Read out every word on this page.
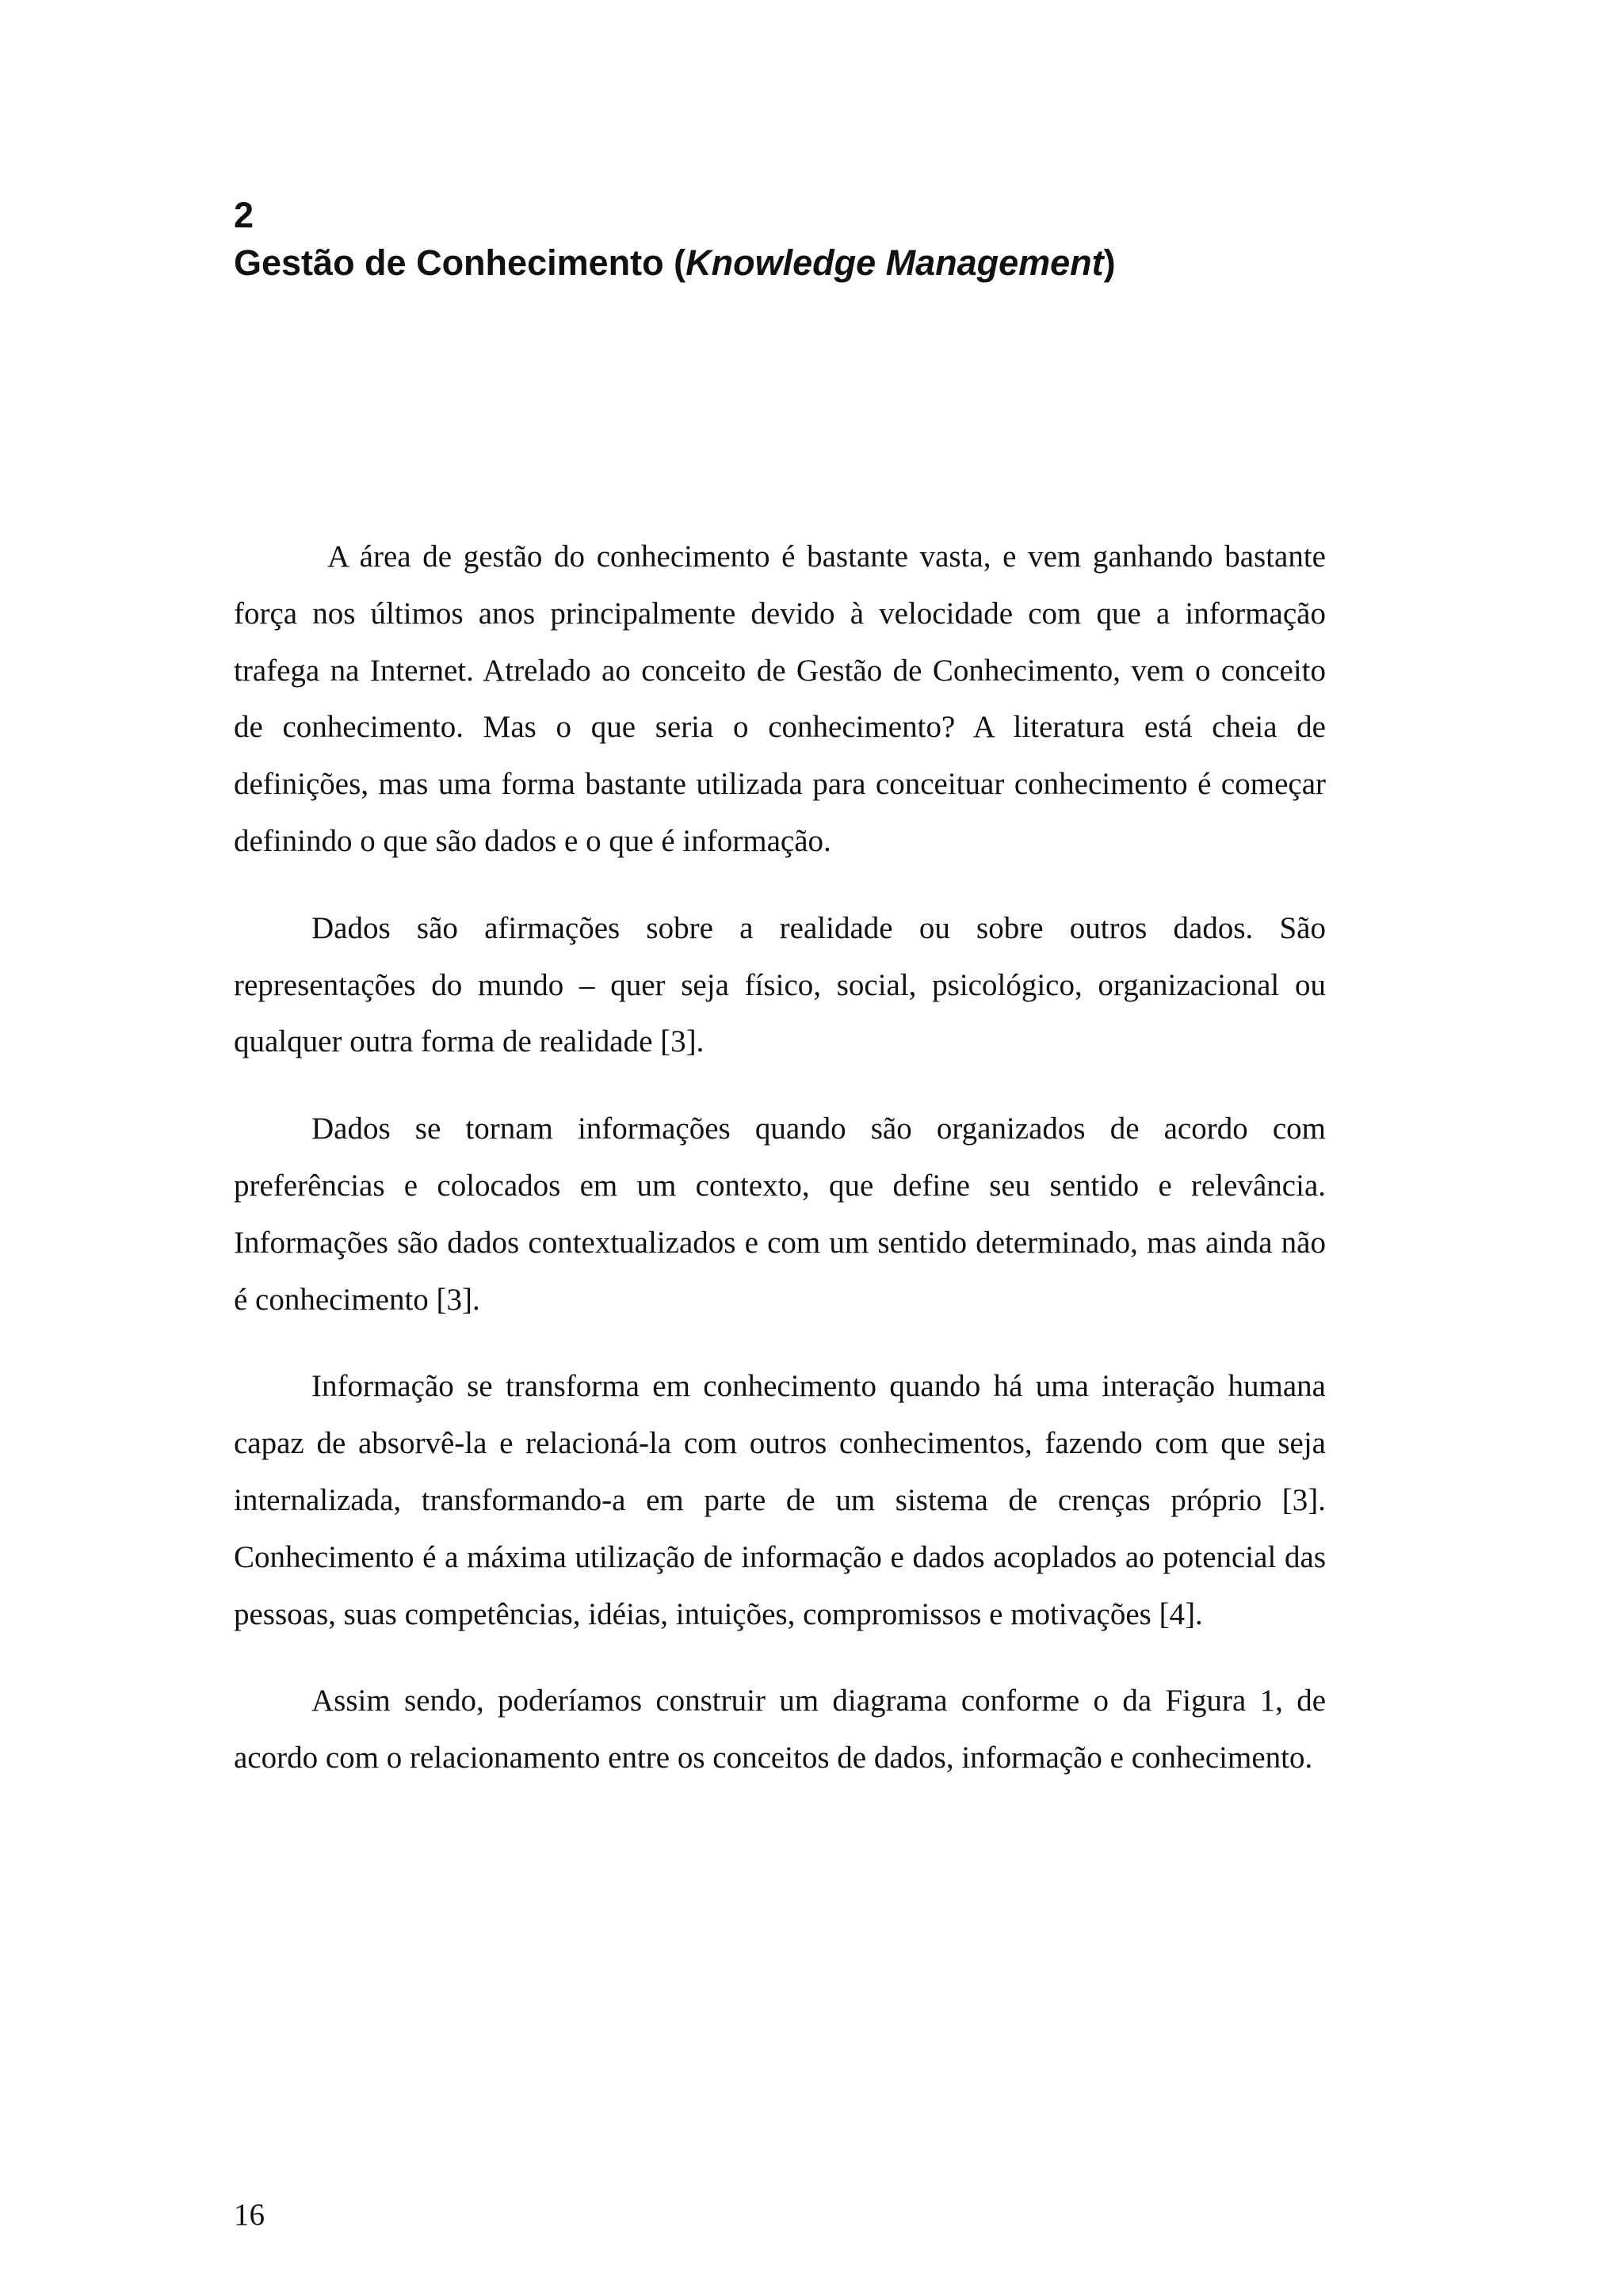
2
Gestão de Conhecimento (Knowledge Management)

A área de gestão do conhecimento é bastante vasta, e vem ganhando bastante força nos últimos anos principalmente devido à velocidade com que a informação trafega na Internet. Atrelado ao conceito de Gestão de Conhecimento, vem o conceito de conhecimento. Mas o que seria o conhecimento? A literatura está cheia de definições, mas uma forma bastante utilizada para conceituar conhecimento é começar definindo o que são dados e o que é informação.

Dados são afirmações sobre a realidade ou sobre outros dados. São representações do mundo – quer seja físico, social, psicológico, organizacional ou qualquer outra forma de realidade [3].

Dados se tornam informações quando são organizados de acordo com preferências e colocados em um contexto, que define seu sentido e relevância. Informações são dados contextualizados e com um sentido determinado, mas ainda não é conhecimento [3].

Informação se transforma em conhecimento quando há uma interação humana capaz de absorvê-la e relacioná-la com outros conhecimentos, fazendo com que seja internalizada, transformando-a em parte de um sistema de crenças próprio [3]. Conhecimento é a máxima utilização de informação e dados acoplados ao potencial das pessoas, suas competências, idéias, intuições, compromissos e motivações [4].

Assim sendo, poderíamos construir um diagrama conforme o da Figura 1, de acordo com o relacionamento entre os conceitos de dados, informação e conhecimento.

16
